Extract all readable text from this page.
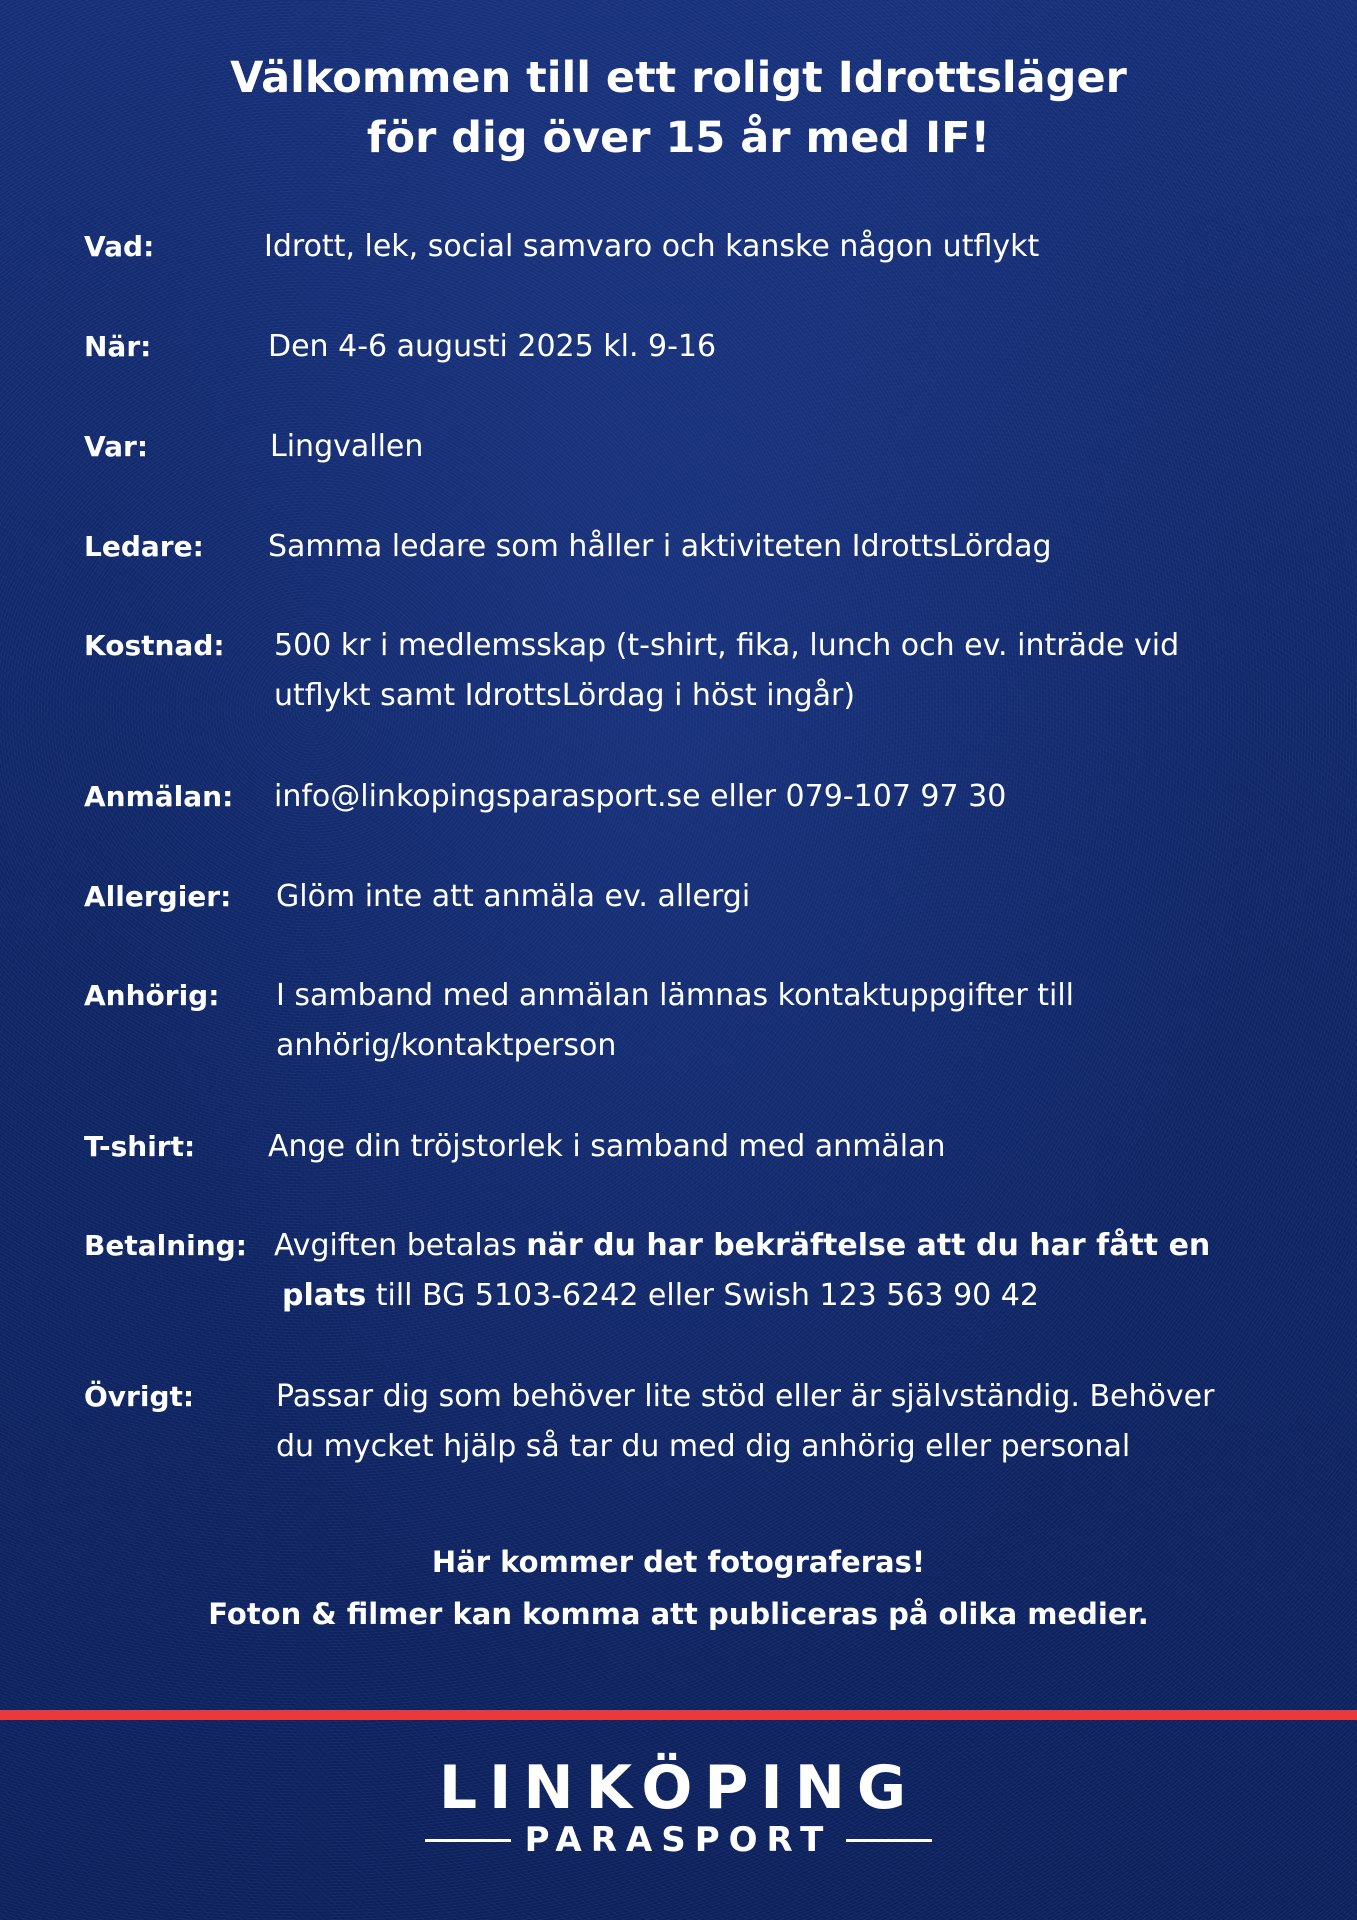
Välkommen till ett roligt Idrottsläger
för dig över 15 år med IF!
Vad:	Idrott, lek, social samvaro och kanske någon utflykt
När:	Den 4-6 augusti 2025 kl. 9-16
Var:	Lingvallen
Ledare: Samma ledare som håller i aktiviteten IdrottsLördag
Kostnad: 500 kr i medlemsskap (t-shirt, fika, lunch och ev. inträde vid
utflykt samt IdrottsLördag i höst ingår)
Anmälan: info@linkopingsparasport.se eller 079-107 97 30
Allergier: Glöm inte att anmäla ev. allergi
Anhörig: I samband med anmälan lämnas kontaktuppgifter till
anhörig/kontaktperson
T-shirt: Ange din tröjstorlek i samband med anmälan
Betalning: Avgiften betalas när du har bekräftelse att du har fått en
plats till BG 5103-6242 eller Swish 123 563 90 42
Övrigt:	Passar dig som behöver lite stöd eller är självständig. Behöver
du mycket hjälp så tar du med dig anhörig eller personal
Här kommer det fotograferas!
Foton & filmer kan komma att publiceras på olika medier.
LINKÖPING
PARASPORT
